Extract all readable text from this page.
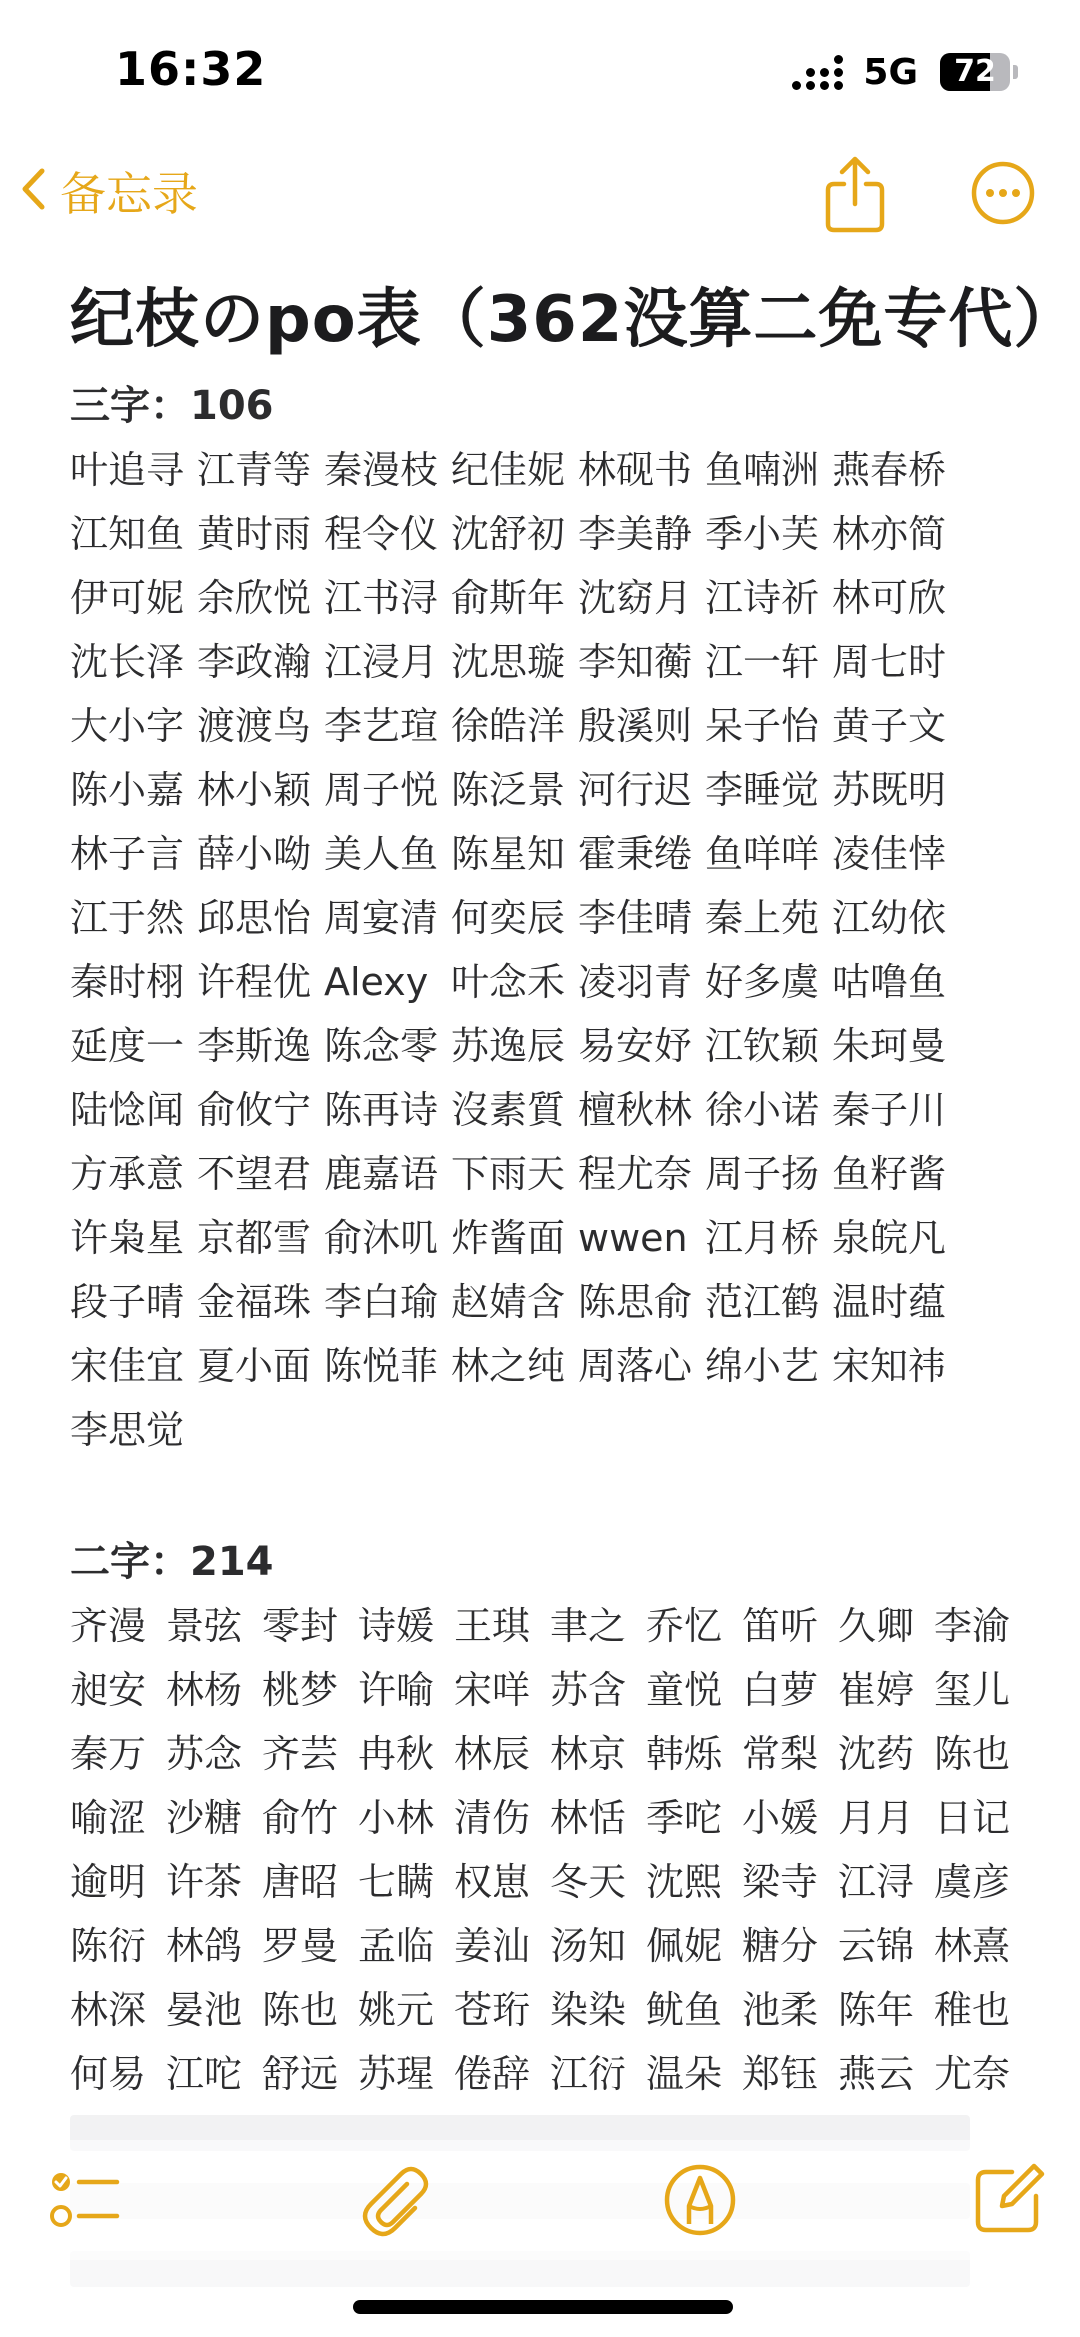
16:32	5G	72
备忘录
纪枝のpo表（362没算二免专代）
三字：106
叶追寻 江青等 秦漫枝 纪佳妮 林砚书 鱼喃洲 燕春桥
江知鱼 黄时雨 程令仪 沈舒初 李美静 季小芙 林亦简
伊可妮 余欣悦 江书浔 俞斯年 沈窈月 江诗祈 林可欣
沈长泽 李政瀚 江浸月 沈思璇 李知蘅 江一轩 周七时
大小字 渡渡鸟 李艺瑄 徐皓洋 殷溪则 呆子怡 黄子文
陈小嘉 林小颖 周子悦 陈泛景 河行迟 李睡觉 苏既明
林子言 薛小呦 美人鱼 陈星知 霍秉绻 鱼咩咩 凌佳悻
江于然 邱思怡 周宴清 何奕辰 李佳晴 秦上苑 江幼依
秦时栩 许程优 Alexy 叶念禾 凌羽青 好多虞 咕噜鱼
延度一 李斯逸 陈念零 苏逸辰 易安妤 江钦颖 朱珂曼
陆惗闻 俞攸宁 陈再诗 沒素質 檀秋林 徐小诺 秦子川
方承意 不望君 鹿嘉语 下雨天 程尤奈 周子扬 鱼籽酱
许枭星 京都雪 俞沐叽 炸酱面 wwen 江月桥 泉皖凡
段子晴 金福珠 李白瑜 赵婧含 陈思俞 范江鹤 温时蕴
宋佳宜 夏小面 陈悦菲 林之纯 周落心 绵小艺 宋知祎
李思觉
二字：214
齐漫 景弦 零封 诗媛 王琪 聿之 乔忆 笛听 久卿 李渝
昶安 林杨 桃梦 许喻 宋咩 苏含 童悦 白萝 崔婷 玺儿
秦万 苏念 齐芸 冉秋 林辰 林京 韩烁 常梨 沈药 陈也
喻涩 沙糖 俞竹 小林 清伤 林恬 季咜 小媛 月月 日记
逾明 许茶 唐昭 七瞒 权崽 冬天 沈熙 梁寺 江浔 虞彦
陈衍 林鸽 罗曼 孟临 姜汕 汤知 佩妮 糖分 云锦 林熹
林深 晏池 陈也 姚元 苍珩 染染 鱿鱼 池柔 陈年 稚也
何易 江咜 舒远 苏瑆 倦辞 江衍 温朵 郑钰 燕云 尤奈
